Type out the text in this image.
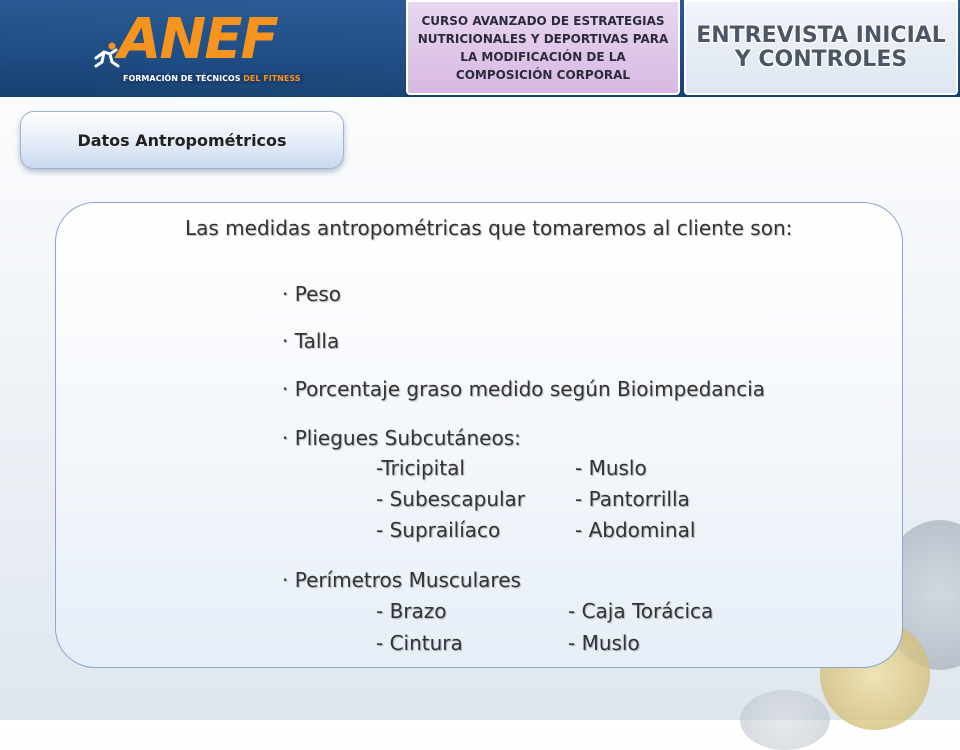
ANEF
FORMACIÓN DE TÉCNICOS DEL FITNESS
CURSO AVANZADO DE ESTRATEGIAS NUTRICIONALES Y DEPORTIVAS PARA LA MODIFICACIÓN DE LA COMPOSICIÓN CORPORAL
ENTREVISTA INICIAL Y CONTROLES
Datos Antropométricos
Las medidas antropométricas que tomaremos al cliente son:
· Peso
· Talla
· Porcentaje graso medido según Bioimpedancia
· Pliegues Subcutáneos:
-Tricipital
- Subescapular
- Suprailíaco
- Muslo
- Pantorrilla
- Abdominal
· Perímetros Musculares
- Brazo
- Cintura
- Caja Torácica
- Muslo
